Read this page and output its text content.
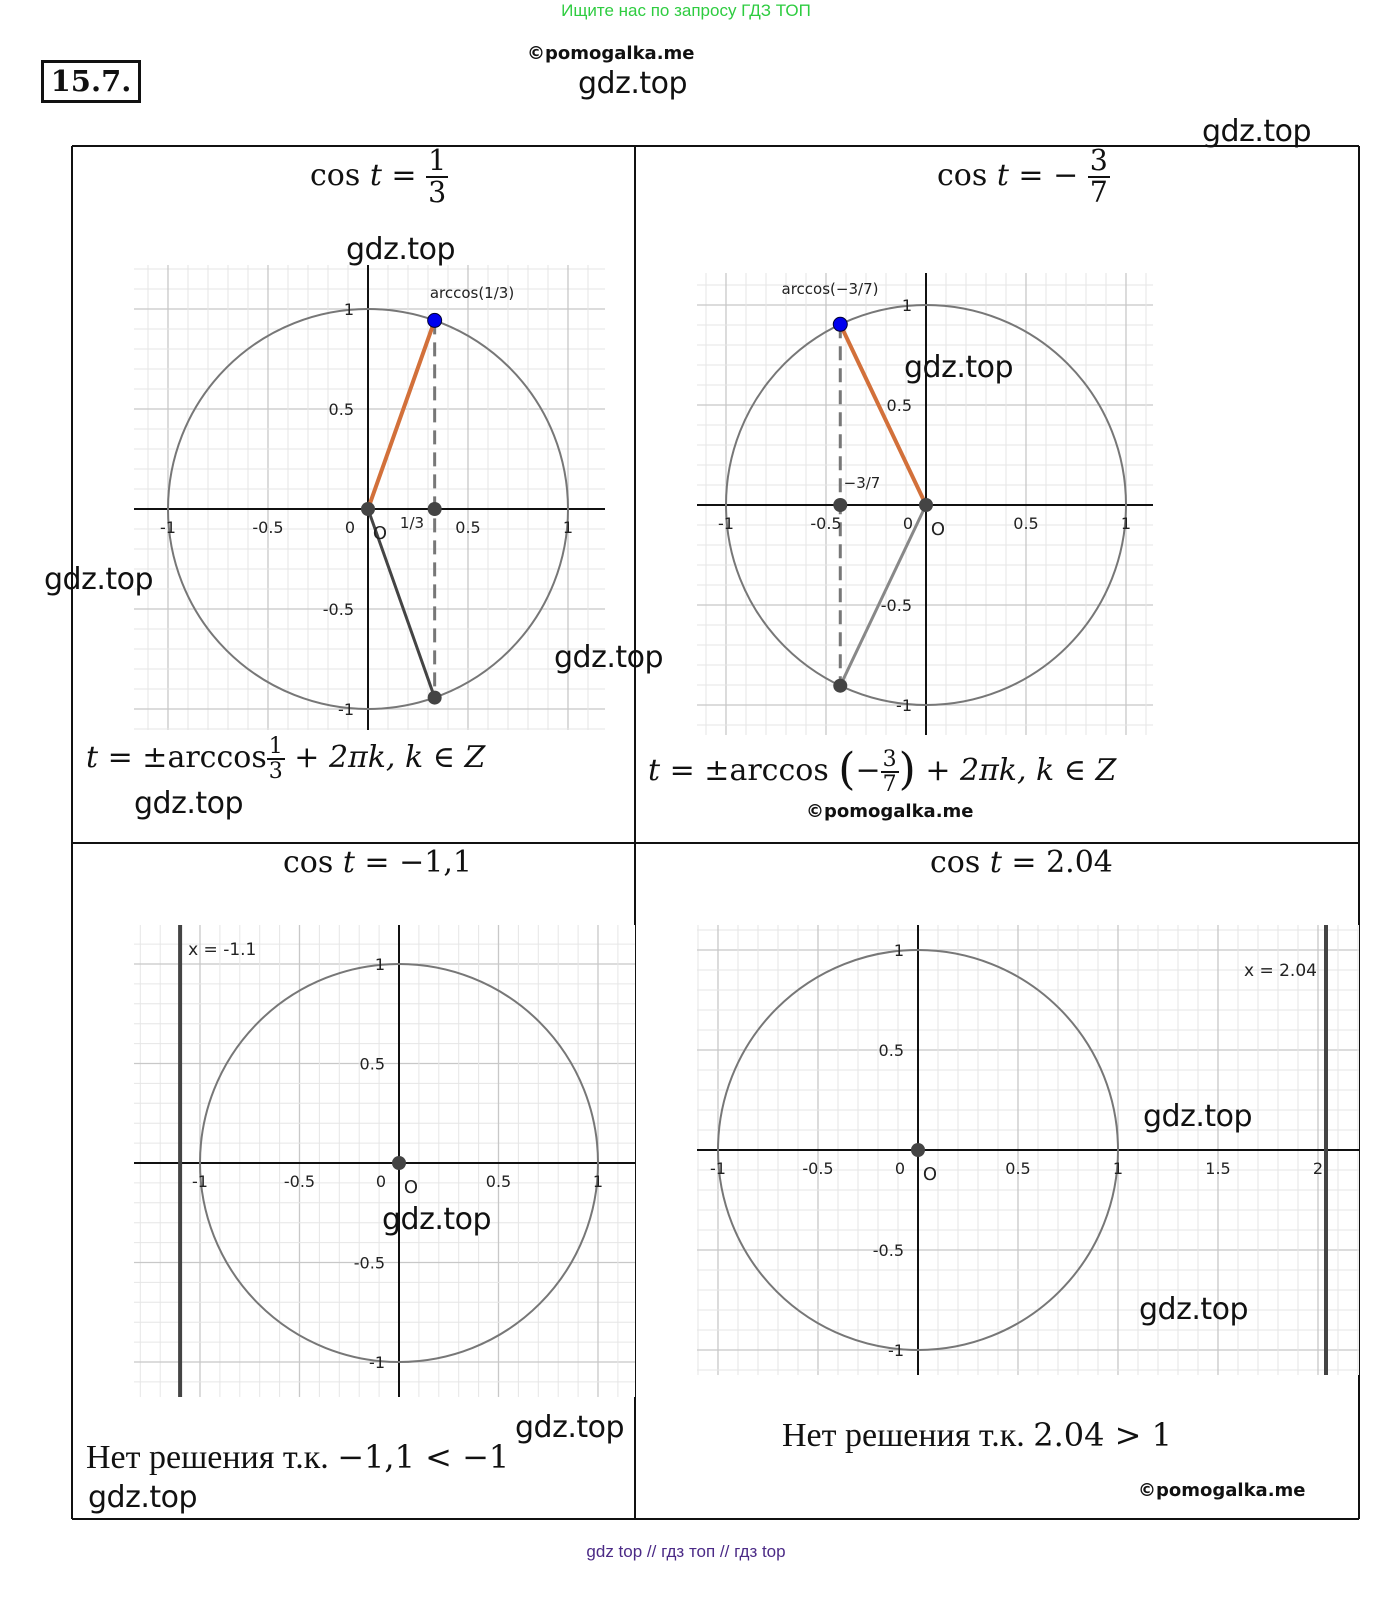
Ищите нас по запросу ГДЗ ТОП
15.7.
©pomogalka.me
gdz.top
gdz.top
-1	-0.5	0	0.5	1
1
0.5
-0.5
-1
O
arccos(1/3)
1/3	-1	-0.5	0	0.5	1
1
0.5
-0.5
-1
O
arccos(−3/7)
−3/7
-1	-0.5	0	0.5	1
1
0.5
-0.5
-1
O
x = -1.1
-1	-0.5	0	0.5	1	1.5	2
1
0.5
-0.5
-1
O
x = 2.04
$\cos t = \frac{1}{3}$
gdz.top
$t = \pm\arccos \frac{1}{3} + 2\pi k$, k ∈ Z
gdz.top
gdz.top
gdz.top
cos t = − $\frac{3}{7}$
gdz.top
t = ±arccos (− $\frac{3}{7}$ ) + 2πk, k ∈ Z
©pomogalka.me
cos t = −1,1
gdz.top
gdz.top
Нет решения т.к. −1,1 < −1
gdz.top
cos t = 2.04
gdz.top
gdz.top
Нет решения т.к. 2.04 > 1
©pomogalka.me
gdz top // гдз топ // гдз top
